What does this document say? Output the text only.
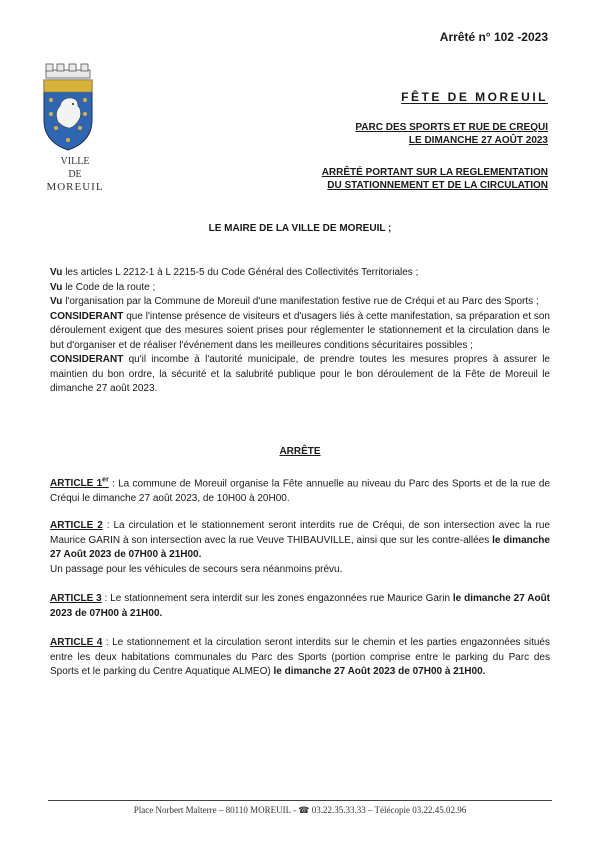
Arrêté n° 102 -2023
VILLE
DE
MOREUIL
FÊTE DE MOREUIL
PARC DES SPORTS ET RUE DE CREQUI
LE DIMANCHE 27 AOÛT 2023
ARRÊTÉ PORTANT SUR LA REGLEMENTATION
DU STATIONNEMENT ET DE LA CIRCULATION
LE MAIRE DE LA VILLE DE MOREUIL ;

Vu les articles L 2212-1 à L 2215-5 du Code Général des Collectivités Territoriales ;

Vu le Code de la route ;

Vu l'organisation par la Commune de Moreuil d'une manifestation festive rue de Créqui et au Parc des Sports ;

CONSIDERANT que l'intense présence de visiteurs et d'usagers liés à cette manifestation, sa préparation et son déroulement exigent que des mesures soient prises pour réglementer le stationnement et la circulation dans le but d'organiser et de réaliser l'événement dans les meilleures conditions sécuritaires possibles ;

CONSIDERANT qu'il incombe à l'autorité municipale, de prendre toutes les mesures propres à assurer le maintien du bon ordre, la sécurité et la salubrité publique pour le bon déroulement de la Fête de Moreuil le dimanche 27 août 2023.

ARRÊTE
ARTICLE 1er : La commune de Moreuil organise la Fête annuelle au niveau du Parc des Sports et de la rue de Créqui le dimanche 27 août 2023, de 10H00 à 20H00.
ARTICLE 2 : La circulation et le stationnement seront interdits rue de Créqui, de son intersection avec la rue Maurice GARIN à son intersection avec la rue Veuve THIBAUVILLE, ainsi que sur les contre-allées le dimanche 27 Août 2023 de 07H00 à 21H00.
Un passage pour les véhicules de secours sera néanmoins prévu.
ARTICLE 3 : Le stationnement sera interdit sur les zones engazonnées rue Maurice Garin le dimanche 27 Août 2023 de 07H00 à 21H00.
ARTICLE 4 : Le stationnement et la circulation seront interdits sur le chemin et les parties engazonnées situés entre les deux habitations communales du Parc des Sports (portion comprise entre le parking du Parc des Sports et le parking du Centre Aquatique ALMEO) le dimanche 27 Août 2023 de 07H00 à 21H00.
Place Norbert Malterre – 80110 MOREUIL - ☎ 03.22.35.33.33 – Télécopie 03.22.45.02.96
